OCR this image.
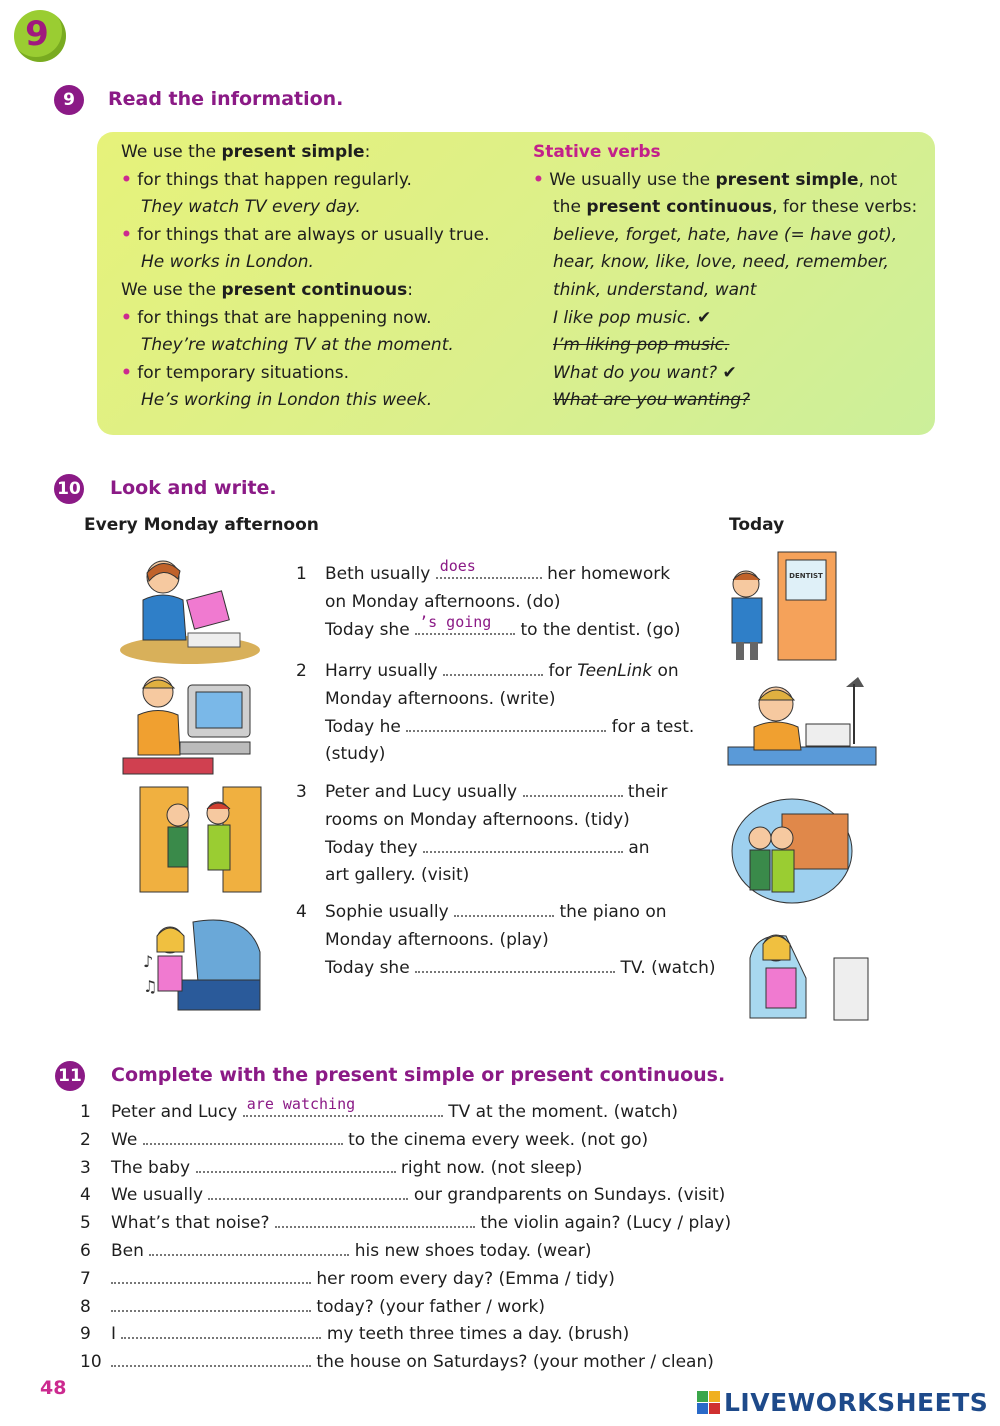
9
9	Read the information.
We use the present simple:
• for things that happen regularly.
They watch TV every day.
• for things that are always or usually true.
He works in London.
We use the present continuous:
• for things that are happening now.
They’re watching TV at the moment.
• for temporary situations.
He’s working in London this week.
Stative verbs
• We usually use the present simple, not
the present continuous, for these verbs:
believe, forget, hate, have (= have got),
hear, know, like, love, need, remember,
think, understand, want
I like pop music. ✔
I’m liking pop music.
What do you want? ✔
What are you wanting?
10 Look and write.
Every Monday afternoon	Today
1 Beth usually does	her homework
on Monday afternoons. (do)
Today she ’s going to the dentist. (go)
2 Harry usually	for TeenLink on
Monday afternoons. (write)
Today he	for a test.
(study)
3 Peter and Lucy usually	their
rooms on Monday afternoons. (tidy)
Today they	an
art gallery. (visit)
4 Sophie usually	the piano on
Monday afternoons. (play)
Today she	TV. (watch)
♪
♫
DENTIST
11 Complete with the present simple or present continuous.
1 Peter and Lucy are watching	TV at the moment. (watch)
2 We	to the cinema every week. (not go)
3 The baby	right now. (not sleep)
4 We usually	our grandparents on Sundays. (visit)
5 What’s that noise?	the violin again? (Lucy / play)
6 Ben	his new shoes today. (wear)
7	her room every day? (Emma / tidy)
8	today? (your father / work)
9 I	my teeth three times a day. (brush)
10	the house on Saturdays? (your mother / clean)
48	LIVEWORKSHEETS
